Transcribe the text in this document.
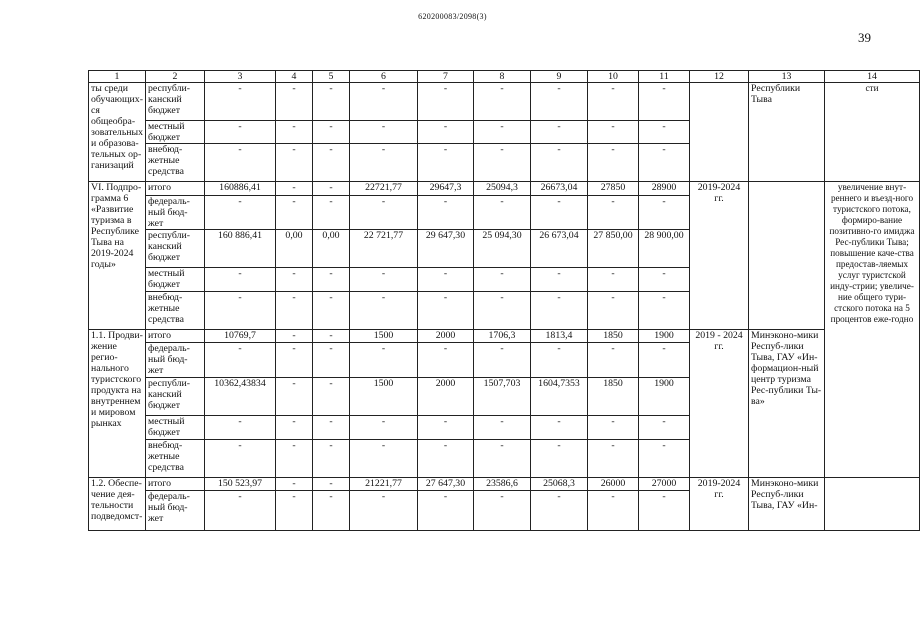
620200083/2098(3)
39
1	2	3	4	5	6	7	8	9	10	11	12	13	14
ты среди обучающих-ся общеобра-зовательных и образова-тельных ор-ганизаций	республи-канский бюджет	-	-	-	-	-	-	-	-	-		Республики Тыва	сти
	местный бюджет	-	-	-	-	-	-	-	-	-			
	внебюд-жетные средства	-	-	-	-	-	-	-	-	-			
VI. Подпро-грамма 6 «Развитие туризма в Республике Тыва на 2019-2024 годы»	итого	160886,41	-	-	22721,77	29647,3	25094,3	26673,04	27850	28900	2019-2024 гг.		увеличение внут-реннего и въезд-ного туристского потока, формиро-вание позитивно-го имиджа Рес-публики Тыва; повышение каче-ства предостав-ляемых услуг туристской инду-стрии; увеличе-ние общего тури-стского потока на 5 процентов еже-годно
	федераль-ный бюд-жет	-	-	-	-	-	-	-	-	-			
	республи-канский бюджет	160 886,41	0,00	0,00	22 721,77	29 647,30	25 094,30	26 673,04	27 850,00	28 900,00			
	местный бюджет	-	-	-	-	-	-	-	-	-			
	внебюд-жетные средства	-	-	-	-	-	-	-	-	-			
1.1. Продви-жение регио-нального туристского продукта на внутреннем и мировом рынках	итого	10769,7	-	-	1500	2000	1706,3	1813,4	1850	1900	2019 - 2024 гг.	Минэконо-мики Респуб-лики Тыва, ГАУ «Ин-формацион-ный центр туризма Рес-публики Ты-ва»	
	федераль-ный бюд-жет	-	-	-	-	-	-	-	-	-			
	республи-канский бюджет	10362,43834	-	-	1500	2000	1507,703	1604,7353	1850	1900			
	местный бюджет	-	-	-	-	-	-	-	-	-			
	внебюд-жетные средства	-	-	-	-	-	-	-	-	-			
1.2. Обеспе-чение дея-тельности подведомст-	итого	150 523,97	-	-	21221,77	27 647,30	23586,6	25068,3	26000	27000	2019-2024 гг.	Минэконо-мики Респуб-лики Тыва, ГАУ «Ин-	
	федераль-ный бюд-жет	-	-	-	-	-	-	-	-	-			
